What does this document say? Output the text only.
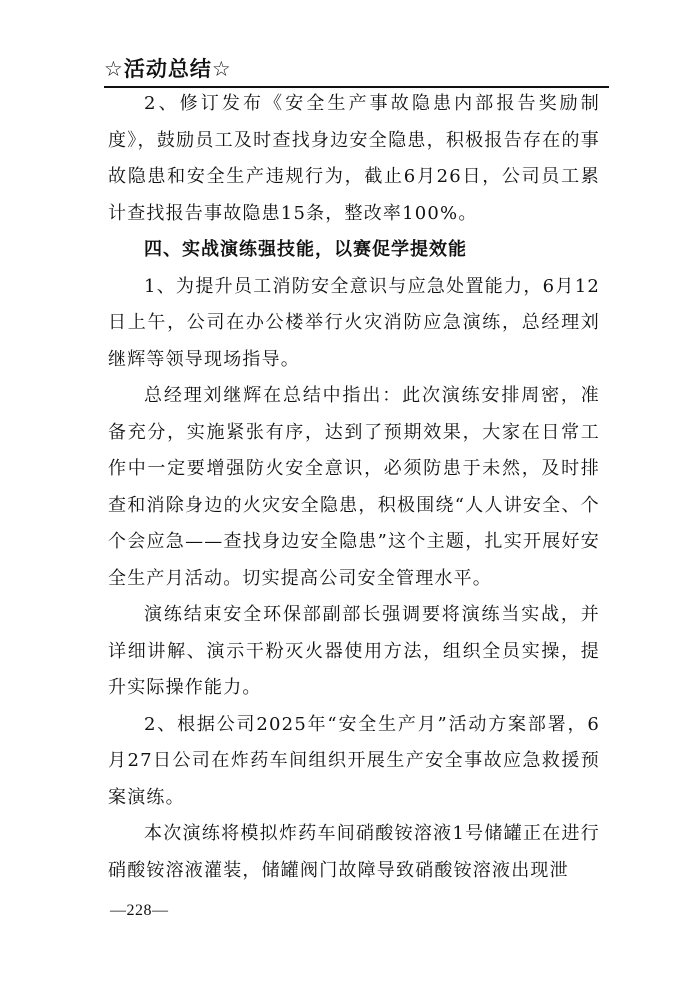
☆活动总结☆

2、修订发布《安全生产事故隐患内部报告奖励制度》，鼓励员工及时查找身边安全隐患，积极报告存在的事故隐患和安全生产违规行为，截止6月26日，公司员工累计查找报告事故隐患15条，整改率100%。

四、实战演练强技能，以赛促学提效能

1、为提升员工消防安全意识与应急处置能力，6月12日上午，公司在办公楼举行火灾消防应急演练，总经理刘继辉等领导现场指导。

总经理刘继辉在总结中指出：此次演练安排周密，准备充分，实施紧张有序，达到了预期效果，大家在日常工作中一定要增强防火安全意识，必须防患于未然，及时排查和消除身边的火灾安全隐患，积极围绕“人人讲安全、个个会应急——查找身边安全隐患”这个主题，扎实开展好安全生产月活动。切实提高公司安全管理水平。

演练结束安全环保部副部长强调要将演练当实战，并详细讲解、演示干粉灭火器使用方法，组织全员实操，提升实际操作能力。

2、根据公司2025年“安全生产月”活动方案部署，6月27日公司在炸药车间组织开展生产安全事故应急救援预案演练。

本次演练将模拟炸药车间硝酸铵溶液1号储罐正在进行硝酸铵溶液灌装，储罐阀门故障导致硝酸铵溶液出现泄

—228—
